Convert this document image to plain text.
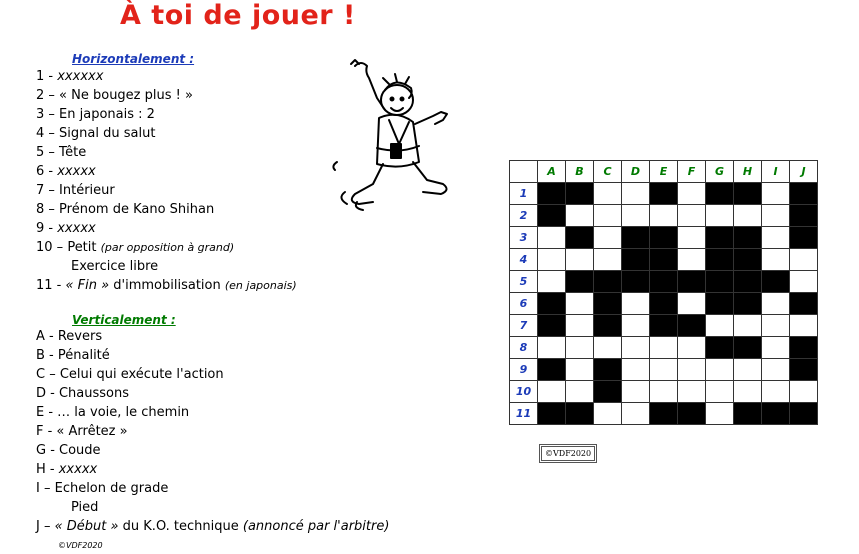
À toi de jouer !
Horizontalement :
1 - xxxxxx
2 – « Ne bougez plus ! »
3 – En japonais : 2
4 – Signal du salut
5 – Tête
6 - xxxxx
7 – Intérieur
8 – Prénom de Kano Shihan
9 - xxxxx
10 – Petit (par opposition à grand)
Exercice libre
11 - « Fin » d'immobilisation (en japonais)
Verticalement :
A - Revers
B - Pénalité
C – Celui qui exécute l'action
D - Chaussons
E - … la voie, le chemin
F - « Arrêtez »
G - Coude
H - xxxxx
I – Echelon de grade
Pied
J – « Début » du K.O. technique (annoncé par l'arbitre)
©VDF2020
	A	B	C	D	E	F	G	H	I	J
1										
2										
3										
4										
5										
6										
7										
8										
9										
10										
11										
©VDF2020
